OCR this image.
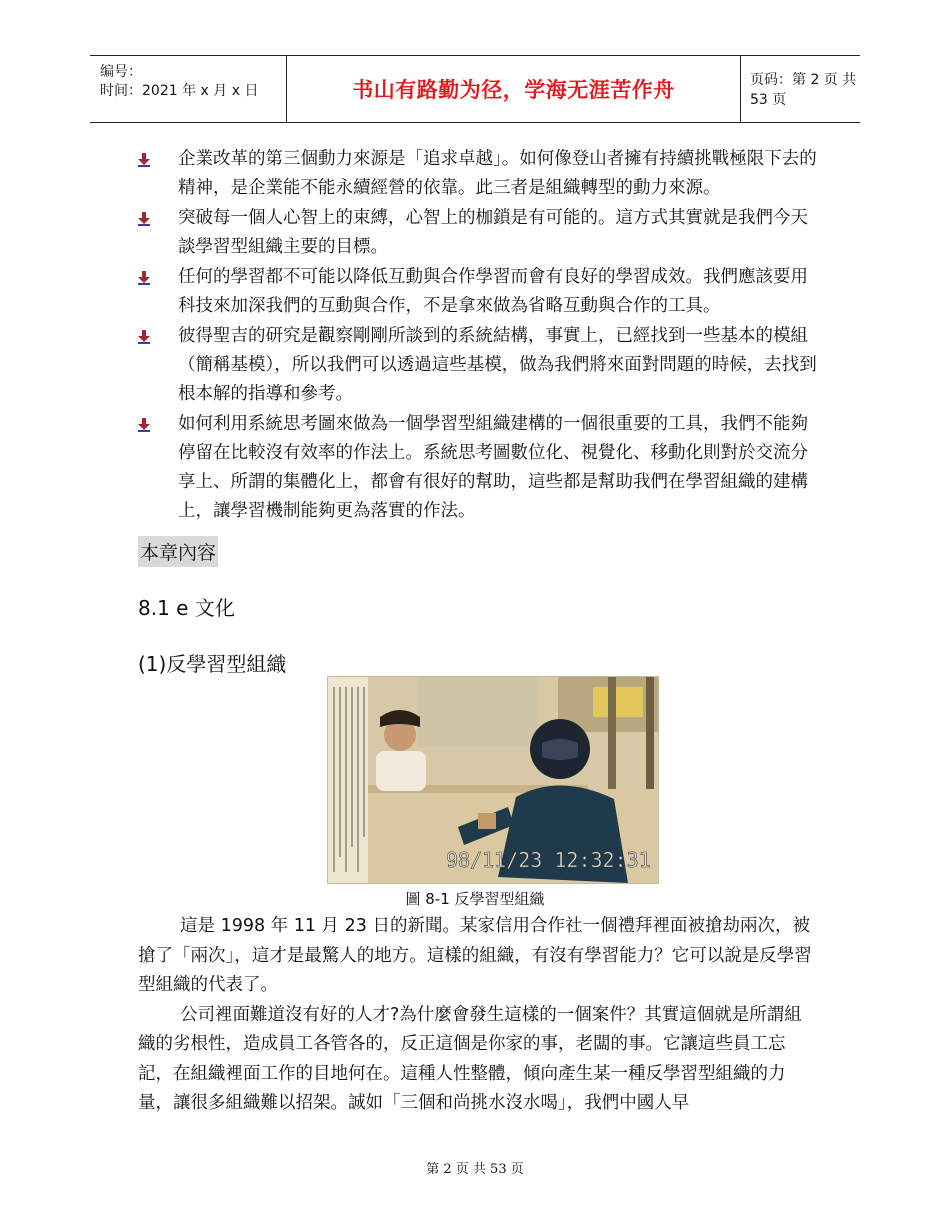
编号：
时间：2021 年 x 月 x 日	书山有路勤为径，学海无涯苦作舟	页码：第 2 页 共 53 页
企業改革的第三個動力來源是「追求卓越」。如何像登山者擁有持續挑戰極限下去的精神，是企業能不能永續經營的依靠。此三者是組織轉型的動力來源。
突破每一個人心智上的束縛，心智上的枷鎖是有可能的。這方式其實就是我們今天談學習型組織主要的目標。
任何的學習都不可能以降低互動與合作學習而會有良好的學習成效。我們應該要用科技來加深我們的互動與合作，不是拿來做為省略互動與合作的工具。
彼得聖吉的研究是觀察剛剛所談到的系統結構，事實上，已經找到一些基本的模組（簡稱基模），所以我們可以透過這些基模，做為我們將來面對問題的時候，去找到根本解的指導和參考。
如何利用系統思考圖來做為一個學習型組織建構的一個很重要的工具，我們不能夠停留在比較沒有效率的作法上。系統思考圖數位化、視覺化、移動化則對於交流分享上、所謂的集體化上，都會有很好的幫助，這些都是幫助我們在學習組織的建構上，讓學習機制能夠更為落實的作法。
本章內容
8.1 e 文化
(1)反學習型組織
98/11/23 12:32:31
圖 8-1 反學習型組織

這是 1998 年 11 月 23 日的新聞。某家信用合作社一個禮拜裡面被搶劫兩次，被搶了「兩次」，這才是最驚人的地方。這樣的組織，有沒有學習能力？它可以說是反學習型組織的代表了。

公司裡面難道沒有好的人才?為什麼會發生這樣的一個案件？其實這個就是所謂組織的劣根性，造成員工各管各的，反正這個是你家的事，老闆的事。它讓這些員工忘記，在組織裡面工作的目地何在。這種人性整體，傾向產生某一種反學習型組織的力量，讓很多組織難以招架。誠如「三個和尚挑水沒水喝」，我們中國人早

第 2 页 共 53 页
